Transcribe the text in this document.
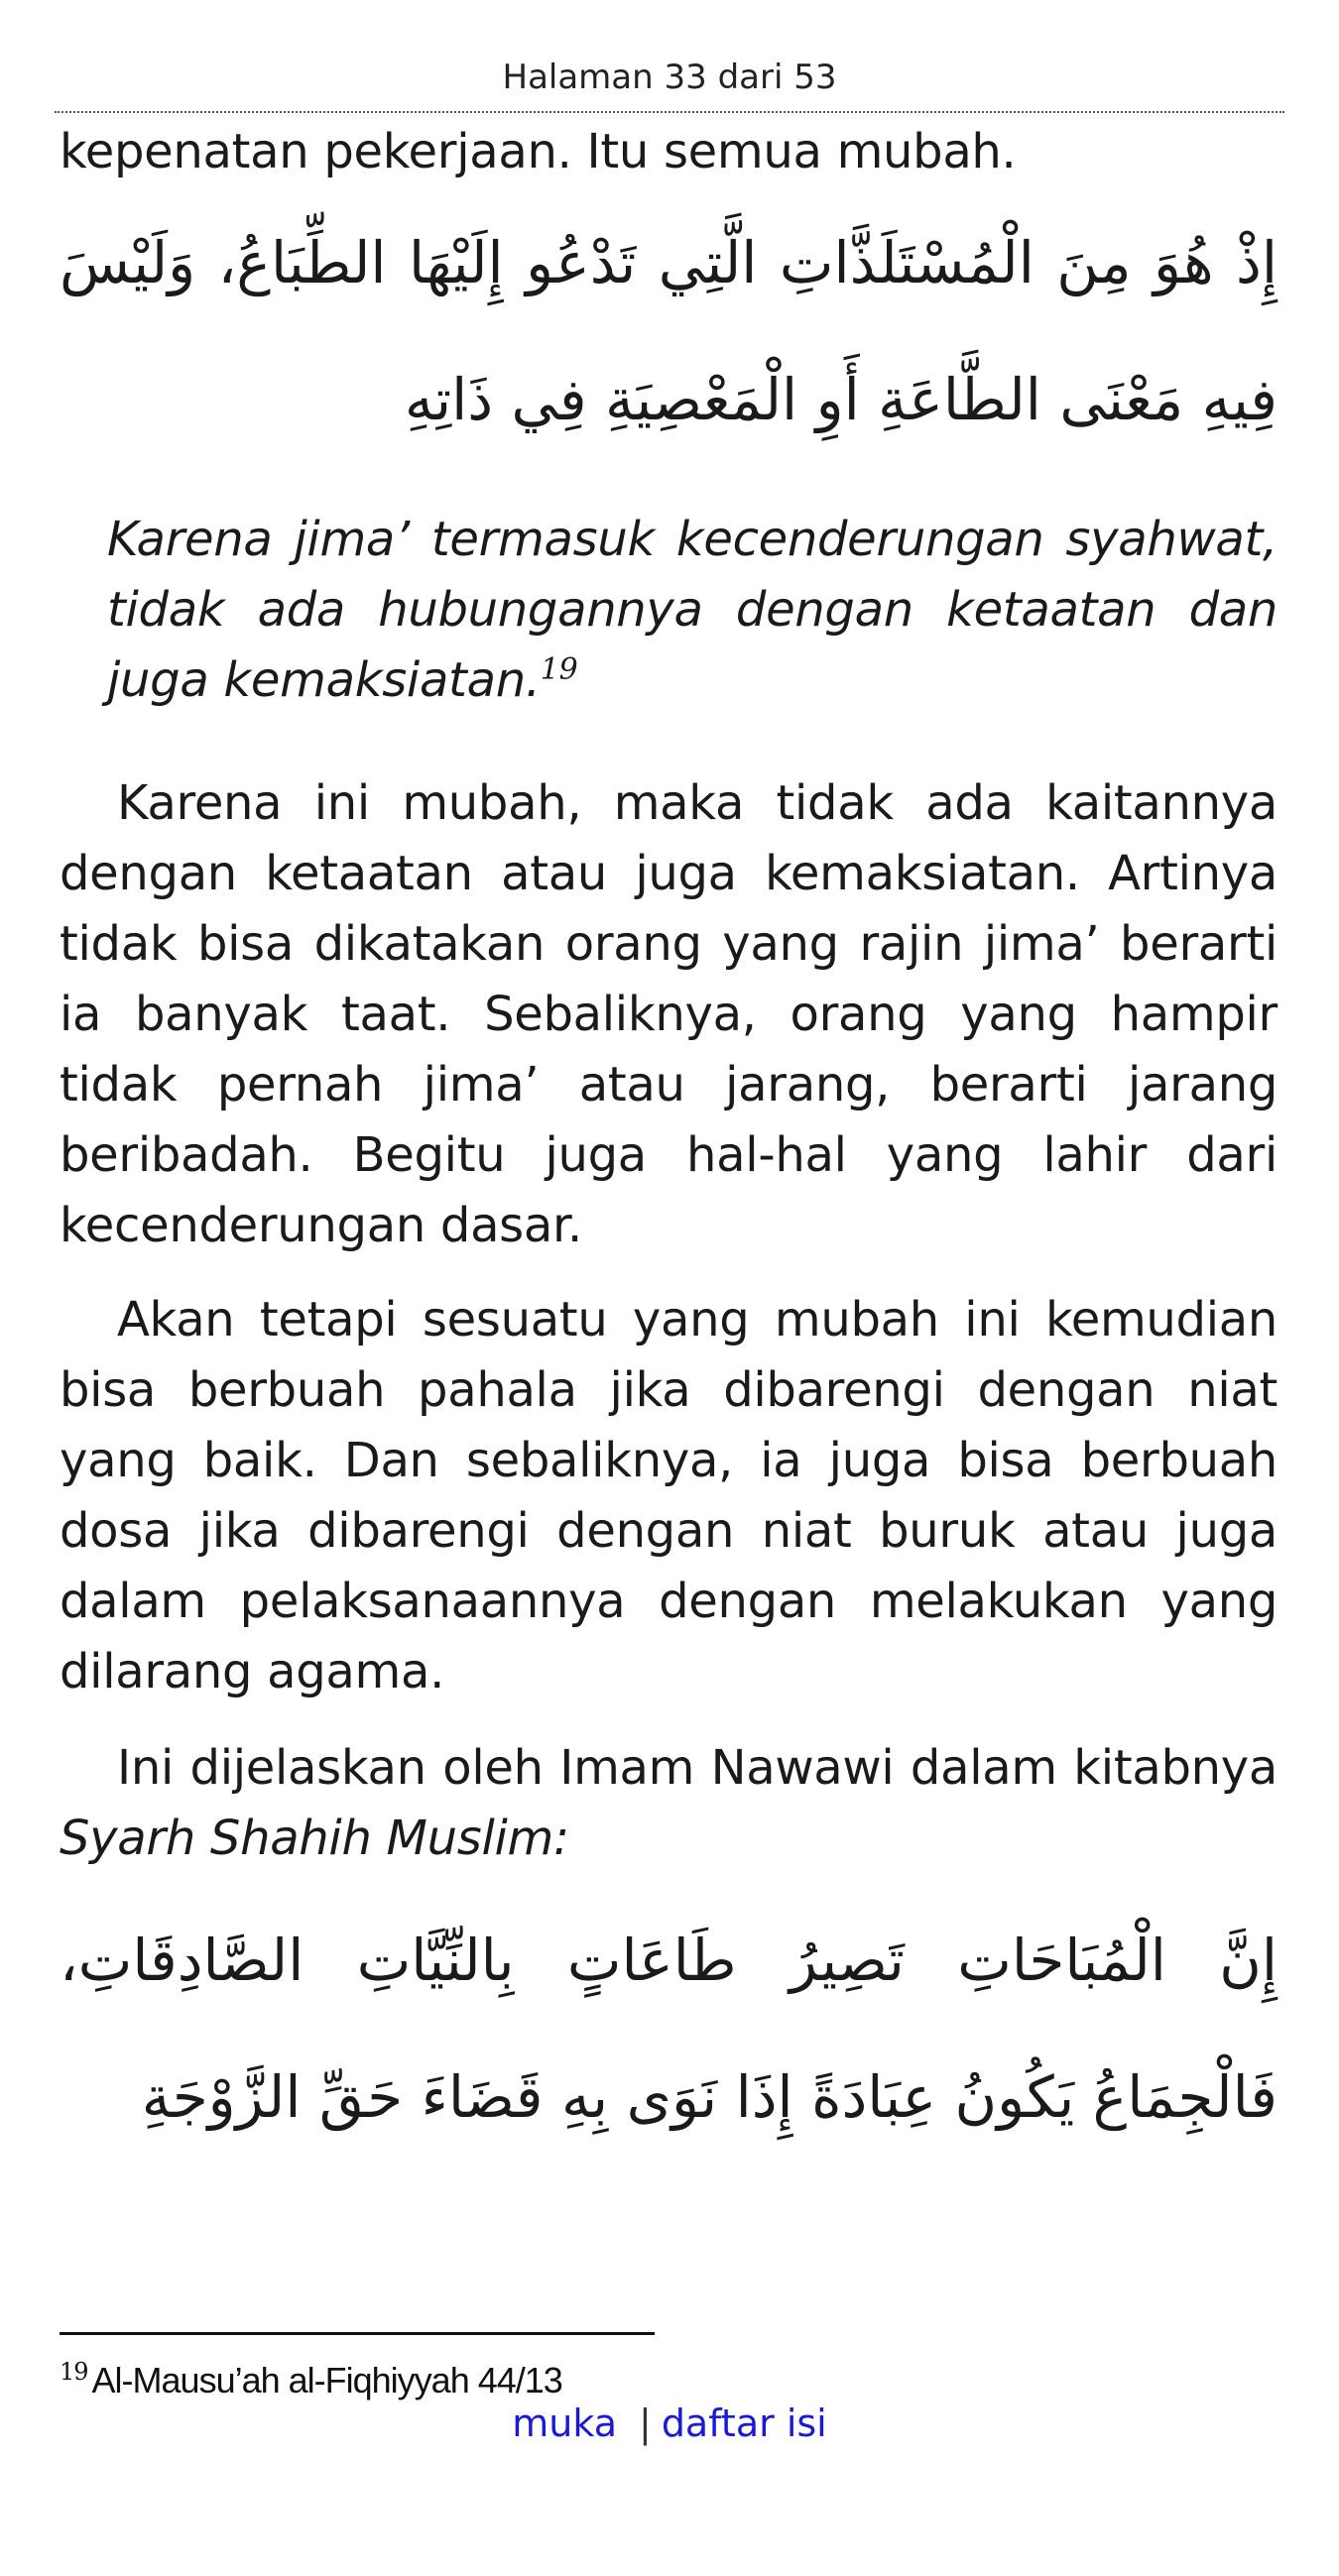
Halaman 33 dari 53
kepenatan pekerjaan. Itu semua mubah.
إِذْ هُوَ مِنَ الْمُسْتَلَذَّاتِ الَّتِي تَدْعُو إِلَيْهَا الطِّبَاعُ، وَلَيْسَ فِيهِ مَعْنَى الطَّاعَةِ أَوِ الْمَعْصِيَةِ فِي ذَاتِهِ
Karena jima’ termasuk kecenderungan syahwat, tidak ada hubungannya dengan ketaatan dan juga kemaksiatan.$^{19}$
Karena ini mubah, maka tidak ada kaitannya dengan ketaatan atau juga kemaksiatan. Artinya tidak bisa dikatakan orang yang rajin jima’ berarti ia banyak taat. Sebaliknya, orang yang hampir tidak pernah jima’ atau jarang, berarti jarang beribadah. Begitu juga hal-hal yang lahir dari kecenderungan dasar.
Akan tetapi sesuatu yang mubah ini kemudian bisa berbuah pahala jika dibarengi dengan niat yang baik. Dan sebaliknya, ia juga bisa berbuah dosa jika dibarengi dengan niat buruk atau juga dalam pelaksanaannya dengan melakukan yang dilarang agama.
Ini dijelaskan oleh Imam Nawawi dalam kitabnya Syarh Shahih Muslim:
إِنَّ الْمُبَاحَاتِ تَصِيرُ طَاعَاتٍ بِالنِّيَّاتِ الصَّادِقَاتِ، فَالْجِمَاعُ يَكُونُ عِبَادَةً إِذَا نَوَى بِهِ قَضَاءَ حَقِّ الزَّوْجَةِ
$^{19}$ Al-Mausu’ah al-Fiqhiyyah 44/13
muka | daftar isi
